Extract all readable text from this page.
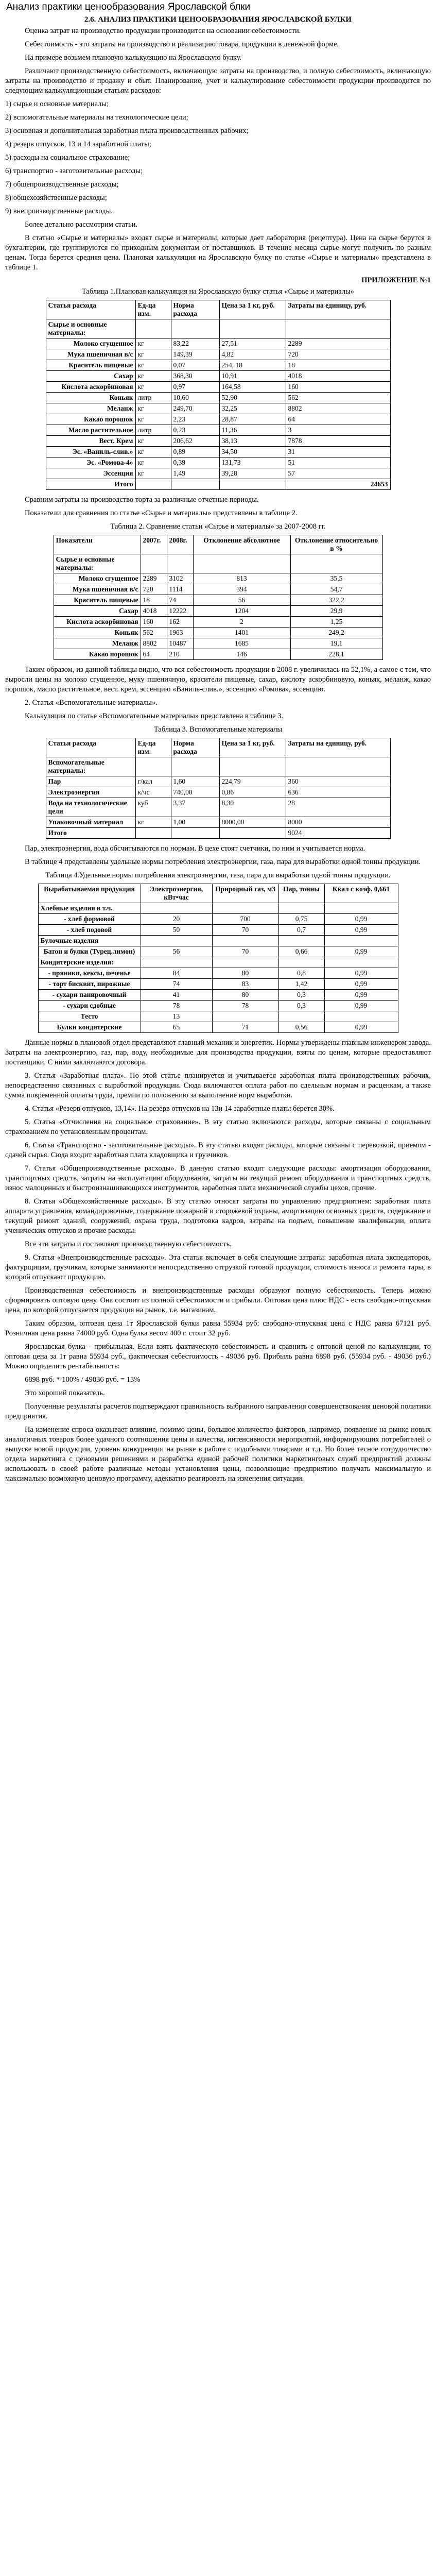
Анализ практики ценообразования Ярославской блки
2.6. АНАЛИЗ ПРАКТИКИ ЦЕНООБРАЗОВАНИЯ ЯРОСЛАВСКОЙ БУЛКИ

Оценка затрат на производство продукции производится на основании себестоимости.

Себестоимость - это затраты на производство и реализацию товара, продукции в денежной форме.

На примере возьмем плановую калькуляцию на Ярославскую булку.

Различают производственную себестоимость, включающую затраты на производство, и полную себестоимость, включающую затраты на производство и продажу и сбыт. Планирование, учет и калькулирование себестоимости продукции производится по следующим калькуляционным статьям расходов:

1) сырье и основные материалы;

2) вспомогательные материалы на технологические цели;

3) основная и дополнительная заработная плата производственных рабочих;

4) резерв отпусков, 13 и 14 заработной платы;

5) расходы на социальное страхование;

6) транспортно - заготовительные расходы;

7) общепроизводственные расходы;

8) общехозяйственные расходы;

9) внепроизводственные расходы.

Более детально рассмотрим статьи.

В статью «Сырье и материалы» входят сырье и материалы, которые дает лаборатория (рецептура). Цена на сырье берутся в бухгалтерии, где группируются по приходным документам от поставщиков. В течение месяца сырье могут получить по разным ценам. Тогда берется средняя цена. Плановая калькуляция на Ярославскую булку по статье «Сырье и материалы» представлена в таблице 1.

ПРИЛОЖЕНИЕ №1
Таблица 1.Плановая калькуляция на Ярославскую булку статья «Сырье и материалы»
Статья расхода	Ед-ца изм.	Норма расхода	Цена за 1 кг, руб.	Затраты на единицу, руб.
Сырье и основные материалы:				
Молоко сгущенное	кг	83,22	27,51	2289
Мука пшеничная в/с	кг	149,39	4,82	720
Краситель пищевые	кг	0,07	254, 18	18
Сахар	кг	368,30	10,91	4018
Кислота аскорбиновая	кг	0,97	164,58	160
Коньяк	литр	10,60	52,90	562
Меланж	кг	249,70	32,25	8802
Какао порошок	кг	2,23	28,87	64
Масло растительное	литр	0,23	11,36	3
Вест. Крем	кг	206,62	38,13	7878
Эс. «Ваниль-слив.»	кг	0,89	34,50	31
Эс. «Ромова-4»	кг	0,39	131,73	51
Эссенция	кг	1,49	39,28	57
Итого				24653

Сравним затраты на производство торта за различные отчетные периоды.

Показатели для сравнения по статье «Сырье и материалы» представлены в таблице 2.

Таблица 2. Сравнение статьи «Сырье и материалы» за 2007-2008 гг.
Показатели	2007г.	2008г.	Отклонение абсолютное	Отклонение относительно в %
Сырье и основные материалы:				
Молоко сгущенное	2289	3102	813	35,5
Мука пшеничная в/с	720	1114	394	54,7
Краситель пищевые	18	74	56	322,2
Сахар	4018	12222	1204	29,9
Кислота аскорбиновая	160	162	2	1,25
Коньяк	562	1963	1401	249,2
Меланж	8802	10487	1685	19,1
Какао порошок	64	210	146	228,1

Таким образом, из данной таблицы видно, что вся себестоимость продукции в 2008 г. увеличилась на 52,1%, а самое с тем, что выросли цены на молоко сгущенное, муку пшеничную, красители пищевые, сахар, кислоту аскорбиновую, коньяк, меланж, какао порошок, масло растительное, вест. крем, эссенцию «Ваниль-слив.», эссенцию «Ромова», эссенцию.

2. Статья «Вспомогательные материалы».

Калькуляция по статье «Вспомогательные материалы» представлена в таблице 3.

Таблица 3. Вспомогательные материалы
Статья расхода	Ед-ца изм.	Норма расхода	Цена за 1 кг, руб.	Затраты на единицу, руб.
Вспомогательные материалы:				
Пар	г/кал	1,60	224,79	360
Электроэнергия	к/чс	740,00	0,86	636
Вода на технологические цели	куб	3,37	8,30	28
Упаковочный материал	кг	1,00	8000,00	8000
Итого				9024

Пар, электроэнергия, вода обсчитываются по нормам. В цехе стоят счетчики, по ним и учитывается норма.

В таблице 4 представлены удельные нормы потребления электроэнергии, газа, пара для выработки одной тонны продукции.

Таблица 4.Удельные нормы потребления электроэнергии, газа, пара для выработки одной тонны продукции.
Вырабатываемая продукция	Электроэнергия, кВт•час	Природный газ, м3	Пар, тонны	Ккал с коэф. 0,661
Хлебные изделия в т.ч.				
- хлеб формовой	20	700	0,75	0,99
- хлеб подовой	50	70	0,7	0,99
Булочные изделия				
Батон и булки (Турец.лимон)	56	70	0,66	0,99
Кондитерские изделия:				
- пряники, кексы, печенье	84	80	0,8	0,99
- торт бисквит, пирожные	74	83	1,42	0,99
- сухари панировочный	41	80	0,3	0,99
- сухари сдобные	78	78	0,3	0,99
Тесто	13			
Булки кондитерские	65	71	0,56	0,99

Данные нормы в плановой отдел представляют главный механик и энергетик. Нормы утверждены главным инженером завода. Затраты на электроэнергию, газ, пар, воду, необходимые для производства продукции, взяты по ценам, которые предоставляют поставщики. С ними заключаются договора.

3. Статья «Заработная плата». По этой статье планируется и учитывается заработная плата производственных рабочих, непосредственно связанных с выработкой продукции. Сюда включаются оплата работ по сдельным нормам и расценкам, а также сумма повременной оплаты труда, премии по положению за выполнение норм выработки.

4. Статья «Резерв отпусков, 13,14». На резерв отпусков на 13и 14 заработные платы берется 30%.

5. Статья «Отчисления на социальное страхование». В эту статью включаются расходы, которые связаны с социальным страхованием по установленным процентам.

6. Статья «Транспортно - заготовительные расходы». В эту статью входят расходы, которые связаны с перевозкой, приемом - сдачей сырья. Сюда входит заработная плата кладовщика и грузчиков.

7. Статья «Общепроизводственные расходы». В данную статью входят следующие расходы: амортизация оборудования, транспортных средств, затраты на эксплуатацию оборудования, затраты на текущий ремонт оборудования и транспортных средств, износ малоценных и быстроизнашивающихся инструментов, заработная плата механической службы цехов, прочие.

8. Статья «Общехозяйственные расходы». В эту статью относят затраты по управлению предприятием: заработная плата аппарата управления, командировочные, содержание пожарной и сторожевой охраны, амортизацию основных средств, содержание и текущий ремонт зданий, сооружений, охрана труда, подготовка кадров, затраты на подъем, повышение квалификации, оплата ученических отпусков и прочие расходы.

Все эти затраты и составляют производственную себестоимость.

9. Статья «Внепроизводственные расходы». Эта статья включает в себя следующие затраты: заработная плата экспедиторов, фактурщицам, грузчикам, которые занимаются непосредственно отгрузкой готовой продукции, стоимость износа и ремонта тары, в которой отпускают продукцию.

Производственная себестоимость и внепроизводственные расходы образуют полную себестоимость. Теперь можно сформировать оптовую цену. Она состоит из полной себестоимости и прибыли. Оптовая цена плюс НДС - есть свободно-отпускная цена, по которой отпускается продукция на рынок, т.е. магазинам.

Таким образом, оптовая цена 1т Ярославской булки равна 55934 руб: свободно-отпускная цена с НДС равна 67121 руб. Розничная цена равна 74000 руб. Одна булка весом 400 г. стоит 32 руб.

Ярославская булка - прибыльная. Если взять фактическую себестоимость и сравнить с оптовой ценой по калькуляции, то оптовая цена за 1т равна 55934 руб., фактическая себестоимость - 49036 руб. Прибыль равна 6898 руб. (55934 руб. - 49036 руб.) Можно определить рентабельность:

6898 руб. * 100% / 49036 руб. = 13%

Это хороший показатель.

Полученные результаты расчетов подтверждают правильность выбранного направления совершенствования ценовой политики предприятия.

На изменение спроса оказывает влияние, помимо цены, большое количество факторов, например, появление на рынке новых аналогичных товаров более удачного соотношения цены и качества, интенсивности мероприятий, информирующих потребителей о выпуске новой продукции, уровень конкуренции на рынке в работе с подобными товарами и т.д. Но более тесное сотрудничество отдела маркетинга с ценовыми решениями и разработка единой рабочей политики маркетинговых служб предприятий должны использовать в своей работе различные методы установления цены, позволяющие предприятию получать максимальную и максимально возможную ценовую программу, адекватно реагировать на изменения ситуации.
